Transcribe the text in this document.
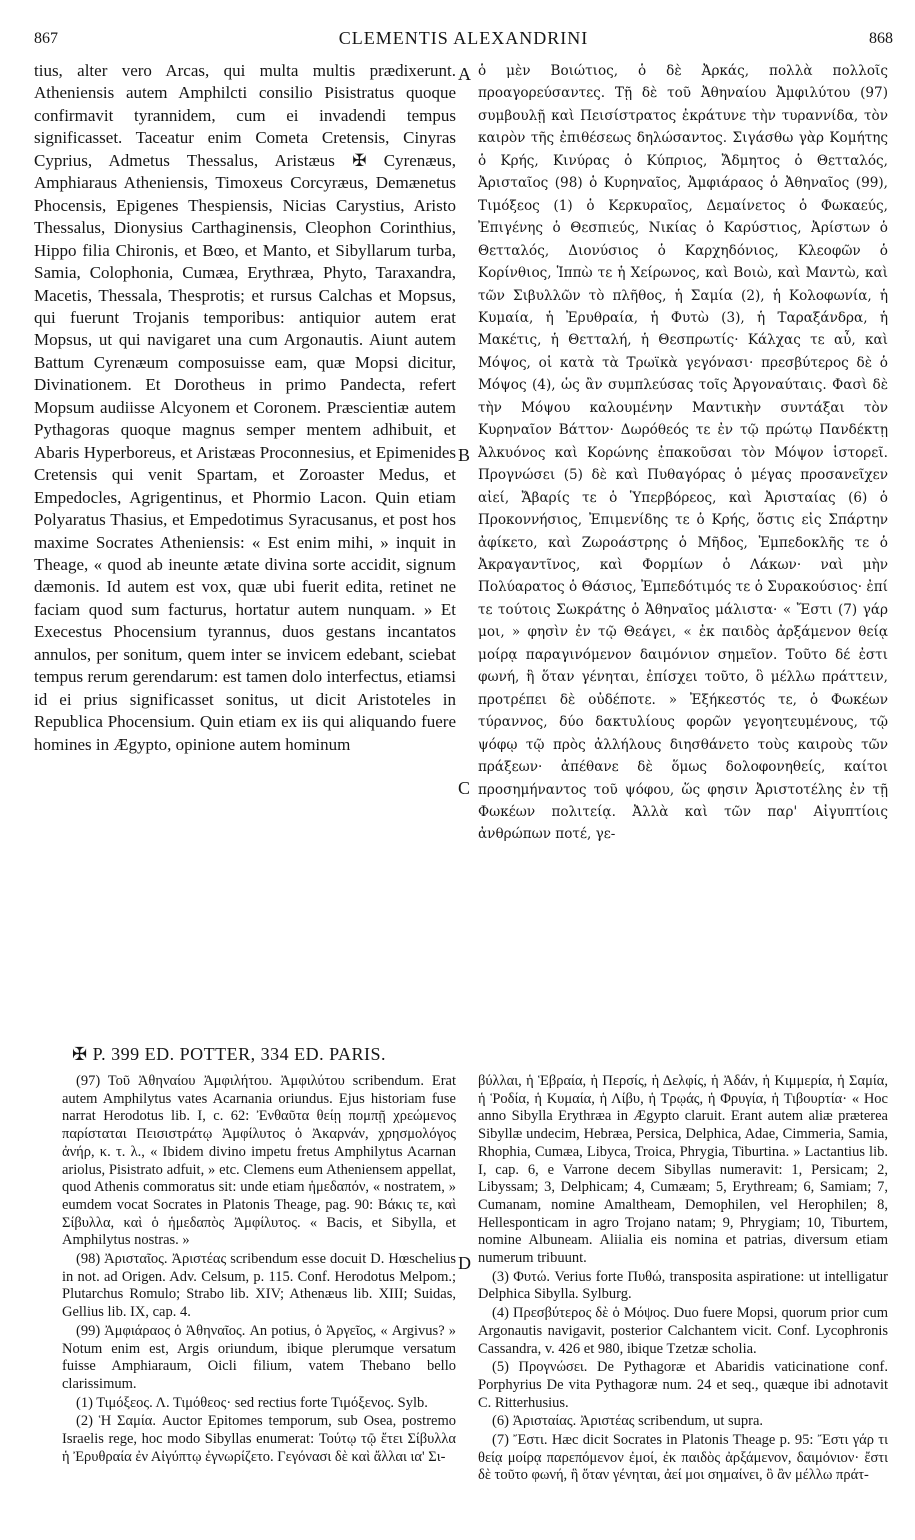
867	CLEMENTIS ALEXANDRINI	868

tius, alter vero Arcas, qui multa multis prædixerunt. Atheniensis autem Amphilcti consilio Pisistratus quoque confirmavit tyrannidem, cum ei invadendi tempus significasset. Taceatur enim Cometa Cretensis, Cinyras Cyprius, Admetus Thessalus, Aristæus ✠ Cyrenæus, Amphiaraus Atheniensis, Timoxeus Corcyræus, Demænetus Phocensis, Epigenes Thespiensis, Nicias Carystius, Aristo Thessalus, Dionysius Carthaginensis, Cleophon Corinthius, Hippo filia Chironis, et Bœo, et Manto, et Sibyllarum turba, Samia, Colophonia, Cumæa, Erythræa, Phyto, Taraxandra, Macetis, Thessala, Thesprotis; et rursus Calchas et Mopsus, qui fuerunt Trojanis temporibus: antiquior autem erat Mopsus, ut qui navigaret una cum Argonautis. Aiunt autem Battum Cyrenæum composuisse eam, quæ Mopsi dicitur, Divinationem. Et Dorotheus in primo Pandecta, refert Mopsum audiisse Alcyonem et Coronem. Præscientiæ autem Pythagoras quoque magnus semper mentem adhibuit, et Abaris Hyperboreus, et Aristæas Proconnesius, et Epimenides Cretensis qui venit Spartam, et Zoroaster Medus, et Empedocles, Agrigentinus, et Phormio Lacon. Quin etiam Polyaratus Thasius, et Empedotimus Syracusanus, et post hos maxime Socrates Atheniensis: « Est enim mihi, » inquit in Theage, « quod ab ineunte ætate divina sorte accidit, signum dæmonis. Id autem est vox, quæ ubi fuerit edita, retinet ne faciam quod sum facturus, hortatur autem nunquam. » Et Execestus Phocensium tyrannus, duos gestans incantatos annulos, per sonitum, quem inter se invicem edebant, sciebat tempus rerum gerendarum: est tamen dolo interfectus, etiamsi id ei prius significasset sonitus, ut dicit Aristoteles in Republica Phocensium. Quin etiam ex iis qui aliquando fuere homines in Ægypto, opinione autem hominum

ὁ μὲν Βοιώτιος, ὁ δὲ Ἀρκάς, πολλὰ πολλοῖς προαγορεύσαντες. Τῇ δὲ τοῦ Ἀθηναίου Ἀμφιλύτου (97) συμβουλῇ καὶ Πεισίστρατος ἐκράτυνε τὴν τυραννίδα, τὸν καιρὸν τῆς ἐπιθέσεως δηλώσαντος. Σιγάσθω γὰρ Κομήτης ὁ Κρής, Κινύρας ὁ Κύπριος, Ἄδμητος ὁ Θετταλός, Ἀρισταῖος (98) ὁ Κυρηναῖος, Ἀμφιάραος ὁ Ἀθηναῖος (99), Τιμόξεος (1) ὁ Κερκυραῖος, Δεμαίνετος ὁ Φωκαεύς, Ἐπιγένης ὁ Θεσπιεύς, Νικίας ὁ Καρύστιος, Ἀρίστων ὁ Θετταλός, Διονύσιος ὁ Καρχηδόνιος, Κλεοφῶν ὁ Κορίνθιος, Ἱππὼ τε ἡ Χείρωνος, καὶ Βοιὼ, καὶ Μαντὼ, καὶ τῶν Σιβυλλῶν τὸ πλῆθος, ἡ Σαμία (2), ἡ Κολοφωνία, ἡ Κυμαία, ἡ Ἐρυθραία, ἡ Φυτὼ (3), ἡ Ταραξάνδρα, ἡ Μακέτις, ἡ Θετταλή, ἡ Θεσπρωτίς· Κάλχας τε αὖ, καὶ Μόψος, οἱ κατὰ τὰ Τρωϊκὰ γεγόνασι· πρεσβύτερος δὲ ὁ Μόψος (4), ὡς ἂν συμπλεύσας τοῖς Ἀργοναύταις. Φασὶ δὲ τὴν Μόψου καλουμένην Μαντικὴν συντάξαι τὸν Κυρηναῖον Βάττον· Δωρόθεός τε ἐν τῷ πρώτῳ Πανδέκτῃ Ἀλκυόνος καὶ Κορώνης ἐπακοῦσαι τὸν Μόψον ἱστορεῖ. Προγνώσει (5) δὲ καὶ Πυθαγόρας ὁ μέγας προσανεῖχεν αἰεί, Ἄβαρίς τε ὁ Ὑπερβόρεος, καὶ Ἀρισταίας (6) ὁ Προκοννήσιος, Ἐπιμενίδης τε ὁ Κρής, ὅστις εἰς Σπάρτην ἀφίκετο, καὶ Ζωροάστρης ὁ Μῆδος, Ἐμπεδοκλῆς τε ὁ Ἀκραγαντῖνος, καὶ Φορμίων ὁ Λάκων· ναὶ μὴν Πολύαρατος ὁ Θάσιος, Ἐμπεδότιμός τε ὁ Συρακούσιος· ἐπί τε τούτοις Σωκράτης ὁ Ἀθηναῖος μάλιστα· « Ἔστι (7) γάρ μοι, » φησὶν ἐν τῷ Θεάγει, « ἐκ παιδὸς ἀρξάμενον θείᾳ μοίρᾳ παραγινόμενον δαιμόνιον σημεῖον. Τοῦτο δέ ἐστι φωνή, ἣ ὅταν γένηται, ἐπίσχει τοῦτο, ὃ μέλλω πράττειν, προτρέπει δὲ οὐδέποτε. » Ἐξήκεστός τε, ὁ Φωκέων τύραννος, δύο δακτυλίους φορῶν γεγοητευμένους, τῷ ψόφῳ τῷ πρὸς ἀλλήλους διησθάνετο τοὺς καιροὺς τῶν πράξεων· ἀπέθανε δὲ ὅμως δολοφονηθείς, καίτοι προσημήναντος τοῦ ψόφου, ὥς φησιν Ἀριστοτέλης ἐν τῇ Φωκέων πολιτείᾳ. Ἀλλὰ καὶ τῶν παρ' Αἰγυπτίοις ἀνθρώπων ποτέ, γε-

A
B
C
D
✠ P. 399 ED. POTTER, 334 ED. PARIS.

(97) Τοῦ Ἀθηναίου Ἀμφιλήτου. Ἀμφιλύτου scribendum. Erat autem Amphilytus vates Acarnania oriundus. Ejus historiam fuse narrat Herodotus lib. I, c. 62: Ἐνθαῦτα θείῃ πομπῇ χρεώμενος παρίσταται Πεισιστράτῳ Ἀμφίλυτος ὁ Ἀκαρνάν, χρησμολόγος ἀνήρ, κ. τ. λ., « Ibidem divino impetu fretus Amphilytus Acarnan ariolus, Pisistrato adfuit, » etc. Clemens eum Atheniensem appellat, quod Athenis commoratus sit: unde etiam ἡμεδαπόν, « nostratem, » eumdem vocat Socrates in Platonis Theage, pag. 90: Βάκις τε, καὶ Σίβυλλα, καὶ ὁ ἡμεδαπὸς Ἀμφίλυτος. « Bacis, et Sibylla, et Amphilytus nostras. »

(98) Ἀρισταῖος. Ἀριστέας scribendum esse docuit D. Hœschelius in not. ad Origen. Adv. Celsum, p. 115. Conf. Herodotus Melpom.; Plutarchus Romulo; Strabo lib. XIV; Athenæus lib. XIII; Suidas, Gellius lib. IX, cap. 4.

(99) Ἀμφιάραος ὁ Ἀθηναῖος. An potius, ὁ Ἀργεῖος, « Argivus? » Notum enim est, Argis oriundum, ibique plerumque versatum fuisse Amphiaraum, Oicli filium, vatem Thebano bello clarissimum.

(1) Τιμόξεος. Λ. Τιμόθεος· sed rectius forte Τιμόξενος. Sylb.

(2) Ἡ Σαμία. Auctor Epitomes temporum, sub Osea, postremo Israelis rege, hoc modo Sibyllas enumerat: Τούτῳ τῷ ἔτει Σίβυλλα ἡ Ἐρυθραία ἐν Αἰγύπτῳ ἐγνωρίζετο. Γεγόνασι δὲ καὶ ἄλλαι ια' Σι-

βύλλαι, ἡ Ἑβραία, ἡ Περσίς, ἡ Δελφίς, ἡ Ἀδάν, ἡ Κιμμερία, ἡ Σαμία, ἡ Ῥοδία, ἡ Κυμαία, ἡ Λίβυ, ἡ Τρῳάς, ἡ Φρυγία, ἡ Τιβουρτία· « Hoc anno Sibylla Erythræa in Ægypto claruit. Erant autem aliæ præterea Sibyllæ undecim, Hebræa, Persica, Delphica, Adae, Cimmeria, Samia, Rhophia, Cumæa, Libyca, Troica, Phrygia, Tiburtina. » Lactantius lib. I, cap. 6, e Varrone decem Sibyllas numeravit: 1, Persicam; 2, Libyssam; 3, Delphicam; 4, Cumæam; 5, Erythream; 6, Samiam; 7, Cumanam, nomine Amaltheam, Demophilen, vel Herophilen; 8, Hellesponticam in agro Trojano natam; 9, Phrygiam; 10, Tiburtem, nomine Albuneam. Aliialia eis nomina et patrias, diversum etiam numerum tribuunt.

(3) Φυτώ. Verius forte Πυθώ, transposita aspiratione: ut intelligatur Delphica Sibylla. Sylburg.

(4) Πρεσβύτερος δὲ ὁ Μόψος. Duo fuere Mopsi, quorum prior cum Argonautis navigavit, posterior Calchantem vicit. Conf. Lycophronis Cassandra, v. 426 et 980, ibique Tzetzæ scholia.

(5) Προγνώσει. De Pythagoræ et Abaridis vaticinatione conf. Porphyrius De vita Pythagoræ num. 24 et seq., quæque ibi adnotavit C. Ritterhusius.

(6) Ἀρισταίας. Ἀριστέας scribendum, ut supra.

(7) Ἔστι. Hæc dicit Socrates in Platonis Theage p. 95: Ἔστι γάρ τι θείᾳ μοίρᾳ παρεπόμενον ἐμοί, ἐκ παιδὸς ἀρξάμενον, δαιμόνιον· ἔστι δὲ τοῦτο φωνή, ἣ ὅταν γένηται, ἀεί μοι σημαίνει, ὃ ἂν μέλλω πράτ-
